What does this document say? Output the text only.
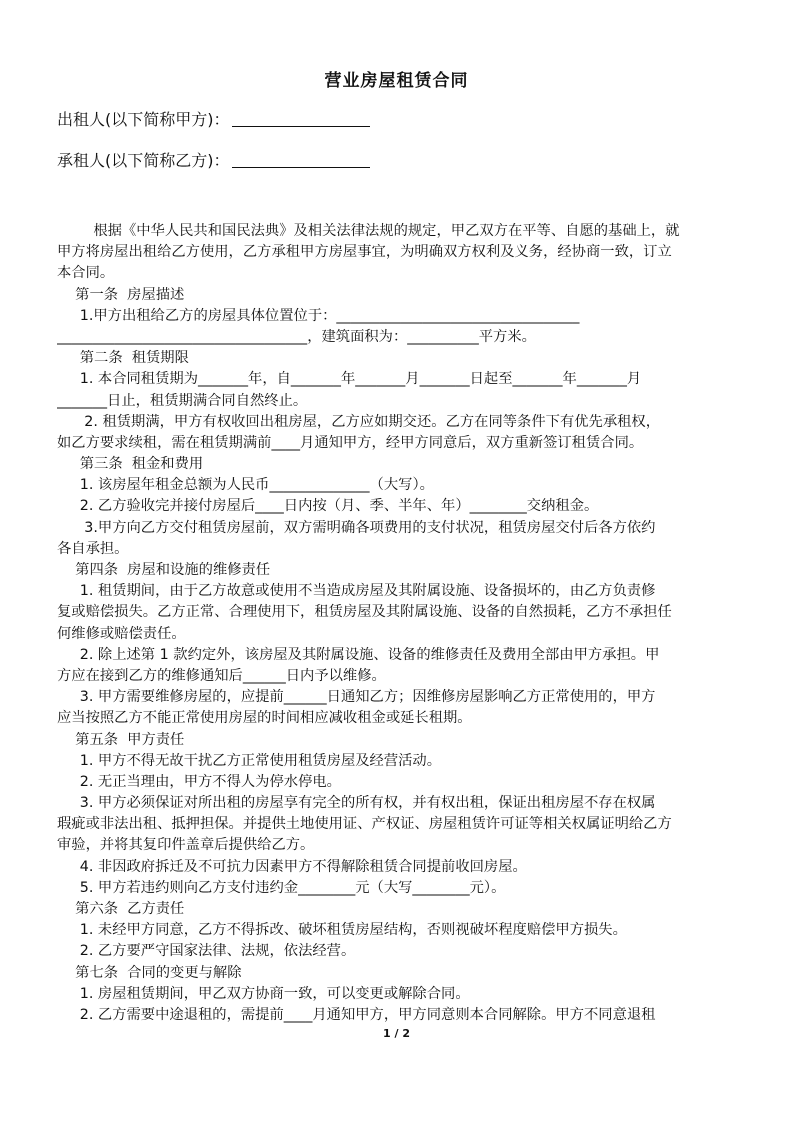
营业房屋租赁合同
出租人(以下简称甲方)：
承租人(以下简称乙方)：
根据《中华人民共和国民法典》及相关法律法规的规定，甲乙双方在平等、自愿的基础上，就
甲方将房屋出租给乙方使用，乙方承租甲方房屋事宜，为明确双方权利及义务，经协商一致，订立
本合同。
第一条  房屋描述
1.甲方出租给乙方的房屋具体位置位于：__________________________________
___________________________________，建筑面积为：__________平方米。
第二条  租赁期限
1. 本合同租赁期为_______年，自_______年_______月_______日起至_______年_______月
_______日止，租赁期满合同自然终止。
2. 租赁期满，甲方有权收回出租房屋，乙方应如期交还。乙方在同等条件下有优先承租权，
如乙方要求续租，需在租赁期满前____月通知甲方，经甲方同意后，双方重新签订租赁合同。
第三条  租金和费用
1. 该房屋年租金总额为人民币______________（大写）。
2. 乙方验收完并接付房屋后____日内按（月、季、半年、年）________交纳租金。
3.甲方向乙方交付租赁房屋前，双方需明确各项费用的支付状况，租赁房屋交付后各方依约
各自承担。
第四条  房屋和设施的维修责任
1. 租赁期间，由于乙方故意或使用不当造成房屋及其附属设施、设备损坏的，由乙方负责修
复或赔偿损失。乙方正常、合理使用下，租赁房屋及其附属设施、设备的自然损耗，乙方不承担任
何维修或赔偿责任。
2. 除上述第 1 款约定外，该房屋及其附属设施、设备的维修责任及费用全部由甲方承担。甲
方应在接到乙方的维修通知后______日内予以维修。
3. 甲方需要维修房屋的，应提前______日通知乙方；因维修房屋影响乙方正常使用的，甲方
应当按照乙方不能正常使用房屋的时间相应减收租金或延长租期。
第五条  甲方责任
1. 甲方不得无故干扰乙方正常使用租赁房屋及经营活动。
2. 无正当理由，甲方不得人为停水停电。
3. 甲方必须保证对所出租的房屋享有完全的所有权，并有权出租，保证出租房屋不存在权属
瑕疵或非法出租、抵押担保。并提供土地使用证、产权证、房屋租赁许可证等相关权属证明给乙方
审验，并将其复印件盖章后提供给乙方。
4. 非因政府拆迁及不可抗力因素甲方不得解除租赁合同提前收回房屋。
5. 甲方若违约则向乙方支付违约金________元（大写________元）。
第六条  乙方责任
1. 未经甲方同意，乙方不得拆改、破坏租赁房屋结构，否则视破坏程度赔偿甲方损失。
2. 乙方要严守国家法律、法规，依法经营。
第七条  合同的变更与解除
1. 房屋租赁期间，甲乙双方协商一致，可以变更或解除合同。
2. 乙方需要中途退租的，需提前____月通知甲方，甲方同意则本合同解除。甲方不同意退租
1 / 2
